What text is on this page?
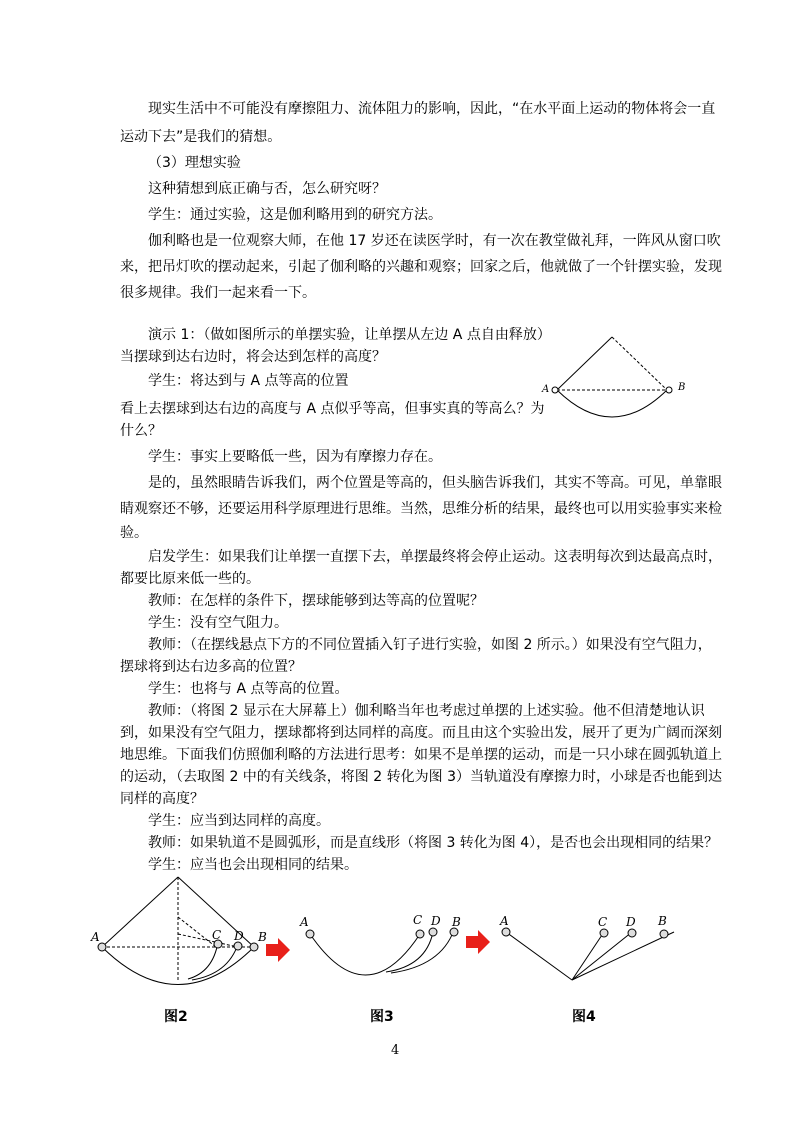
现实生活中不可能没有摩擦阻力、流体阻力的影响，因此，“在水平面上运动的物体将会一直
运动下去”是我们的猜想。
（3）理想实验
这种猜想到底正确与否，怎么研究呀？
学生：通过实验，这是伽利略用到的研究方法。
伽利略也是一位观察大师，在他 17 岁还在读医学时，有一次在教堂做礼拜，一阵风从窗口吹
来，把吊灯吹的摆动起来，引起了伽利略的兴趣和观察；回家之后，他就做了一个针摆实验，发现
很多规律。我们一起来看一下。
演示 1：（做如图所示的单摆实验，让单摆从左边 A 点自由释放）
当摆球到达右边时，将会达到怎样的高度？
学生：将达到与 A 点等高的位置
看上去摆球到达右边的高度与 A 点似乎等高，但事实真的等高么？为
什么？
学生：事实上要略低一些，因为有摩擦力存在。
是的，虽然眼睛告诉我们，两个位置是等高的，但头脑告诉我们，其实不等高。可见，单靠眼
睛观察还不够，还要运用科学原理进行思维。当然，思维分析的结果，最终也可以用实验事实来检
验。
启发学生：如果我们让单摆一直摆下去，单摆最终将会停止运动。这表明每次到达最高点时，
都要比原来低一些的。
教师：在怎样的条件下，摆球能够到达等高的位置呢？
学生：没有空气阻力。
教师：（在摆线悬点下方的不同位置插入钉子进行实验，如图 2 所示。）如果没有空气阻力，
摆球将到达右边多高的位置？
学生：也将与 A 点等高的位置。
教师：（将图 2 显示在大屏幕上）伽利略当年也考虑过单摆的上述实验。他不但清楚地认识
到，如果没有空气阻力，摆球都将到达同样的高度。而且由这个实验出发，展开了更为广阔而深刻
地思维。下面我们仿照伽利略的方法进行思考：如果不是单摆的运动，而是一只小球在圆弧轨道上
的运动，（去取图 2 中的有关线条，将图 2 转化为图 3）当轨道没有摩擦力时，小球是否也能到达
同样的高度？
学生：应当到达同样的高度。
教师：如果轨道不是圆弧形，而是直线形（将图 3 转化为图 4），是否也会出现相同的结果？
学生：应当也会出现相同的结果。
A	B
A	C D B
A	C D B	A	C D B
图2	图3	图4
4
